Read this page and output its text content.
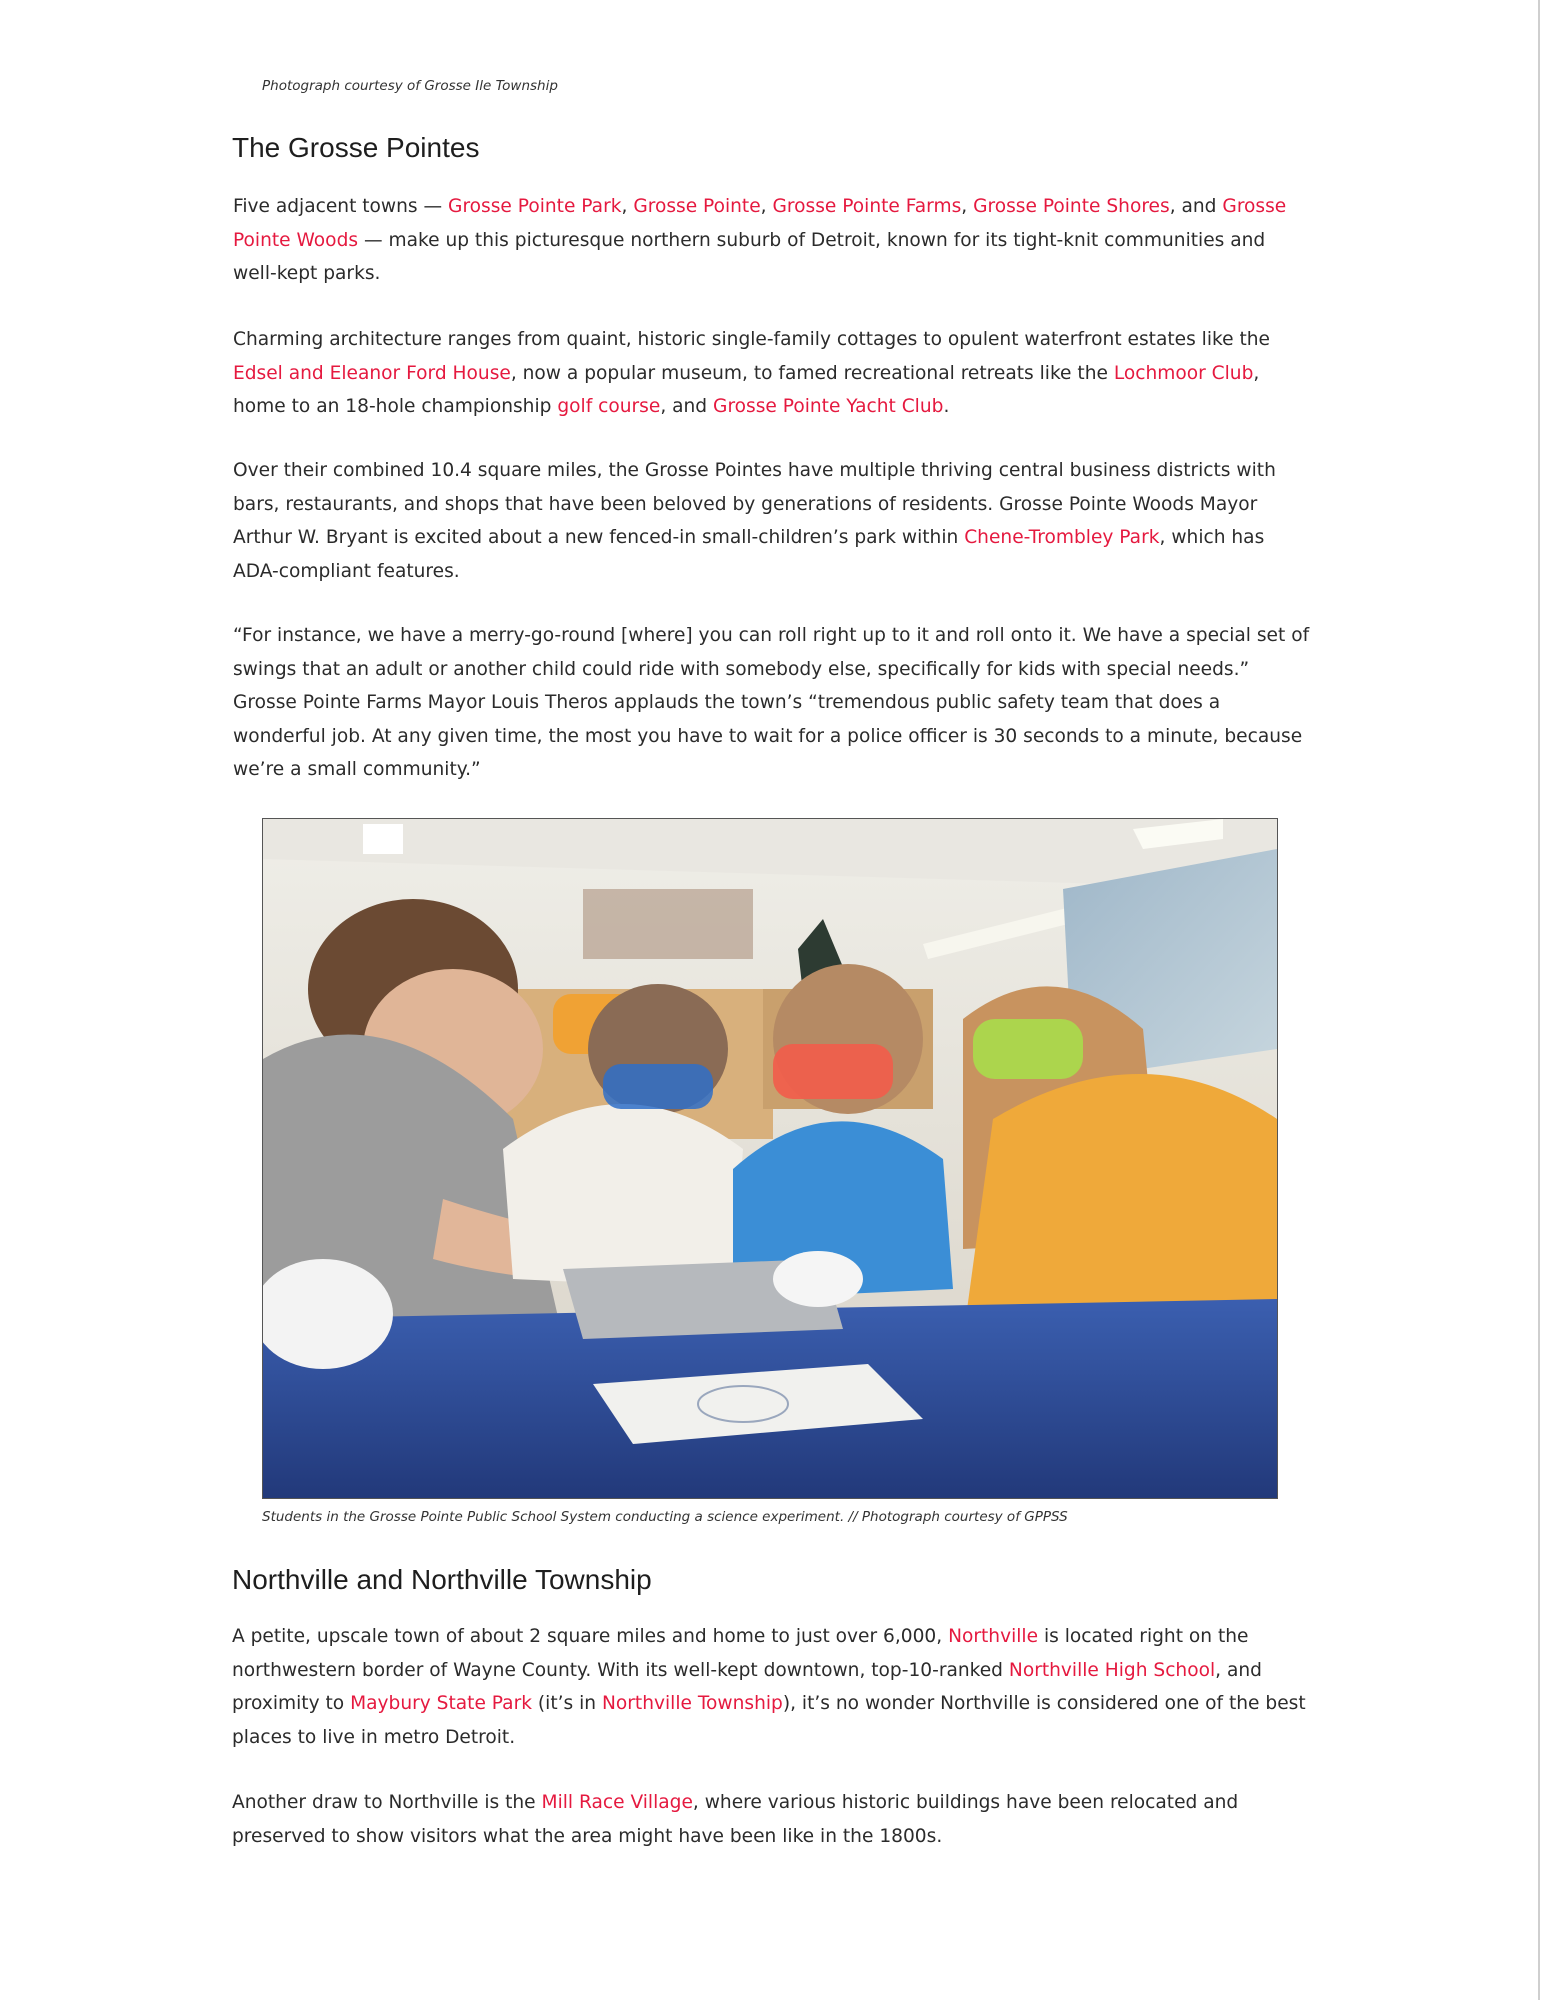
Photograph courtesy of Grosse Ile Township
The Grosse Pointes

Five adjacent towns — Grosse Pointe Park, Grosse Pointe, Grosse Pointe Farms, Grosse Pointe Shores, and Grosse Pointe Woods — make up this picturesque northern suburb of Detroit, known for its tight-knit communities and well-kept parks.

Charming architecture ranges from quaint, historic single-family cottages to opulent waterfront estates like the Edsel and Eleanor Ford House, now a popular museum, to famed recreational retreats like the Lochmoor Club, home to an 18-hole championship golf course, and Grosse Pointe Yacht Club.

Over their combined 10.4 square miles, the Grosse Pointes have multiple thriving central business districts with bars, restaurants, and shops that have been beloved by generations of residents. Grosse Pointe Woods Mayor Arthur W. Bryant is excited about a new fenced-in small-children’s park within Chene-Trombley Park, which has ADA-compliant features.

“For instance, we have a merry-go-round [where] you can roll right up to it and roll onto it. We have a special set of swings that an adult or another child could ride with somebody else, specifically for kids with special needs.” Grosse Pointe Farms Mayor Louis Theros applauds the town’s “tremendous public safety team that does a wonderful job. At any given time, the most you have to wait for a police officer is 30 seconds to a minute, because we’re a small community.”

Students in the Grosse Pointe Public School System conducting a science experiment. // Photograph courtesy of GPPSS
Northville and Northville Township

A petite, upscale town of about 2 square miles and home to just over 6,000, Northville is located right on the northwestern border of Wayne County. With its well-kept downtown, top-10-ranked Northville High School, and proximity to Maybury State Park (it’s in Northville Township), it’s no wonder Northville is considered one of the best places to live in metro Detroit.

Another draw to Northville is the Mill Race Village, where various historic buildings have been relocated and preserved to show visitors what the area might have been like in the 1800s.
